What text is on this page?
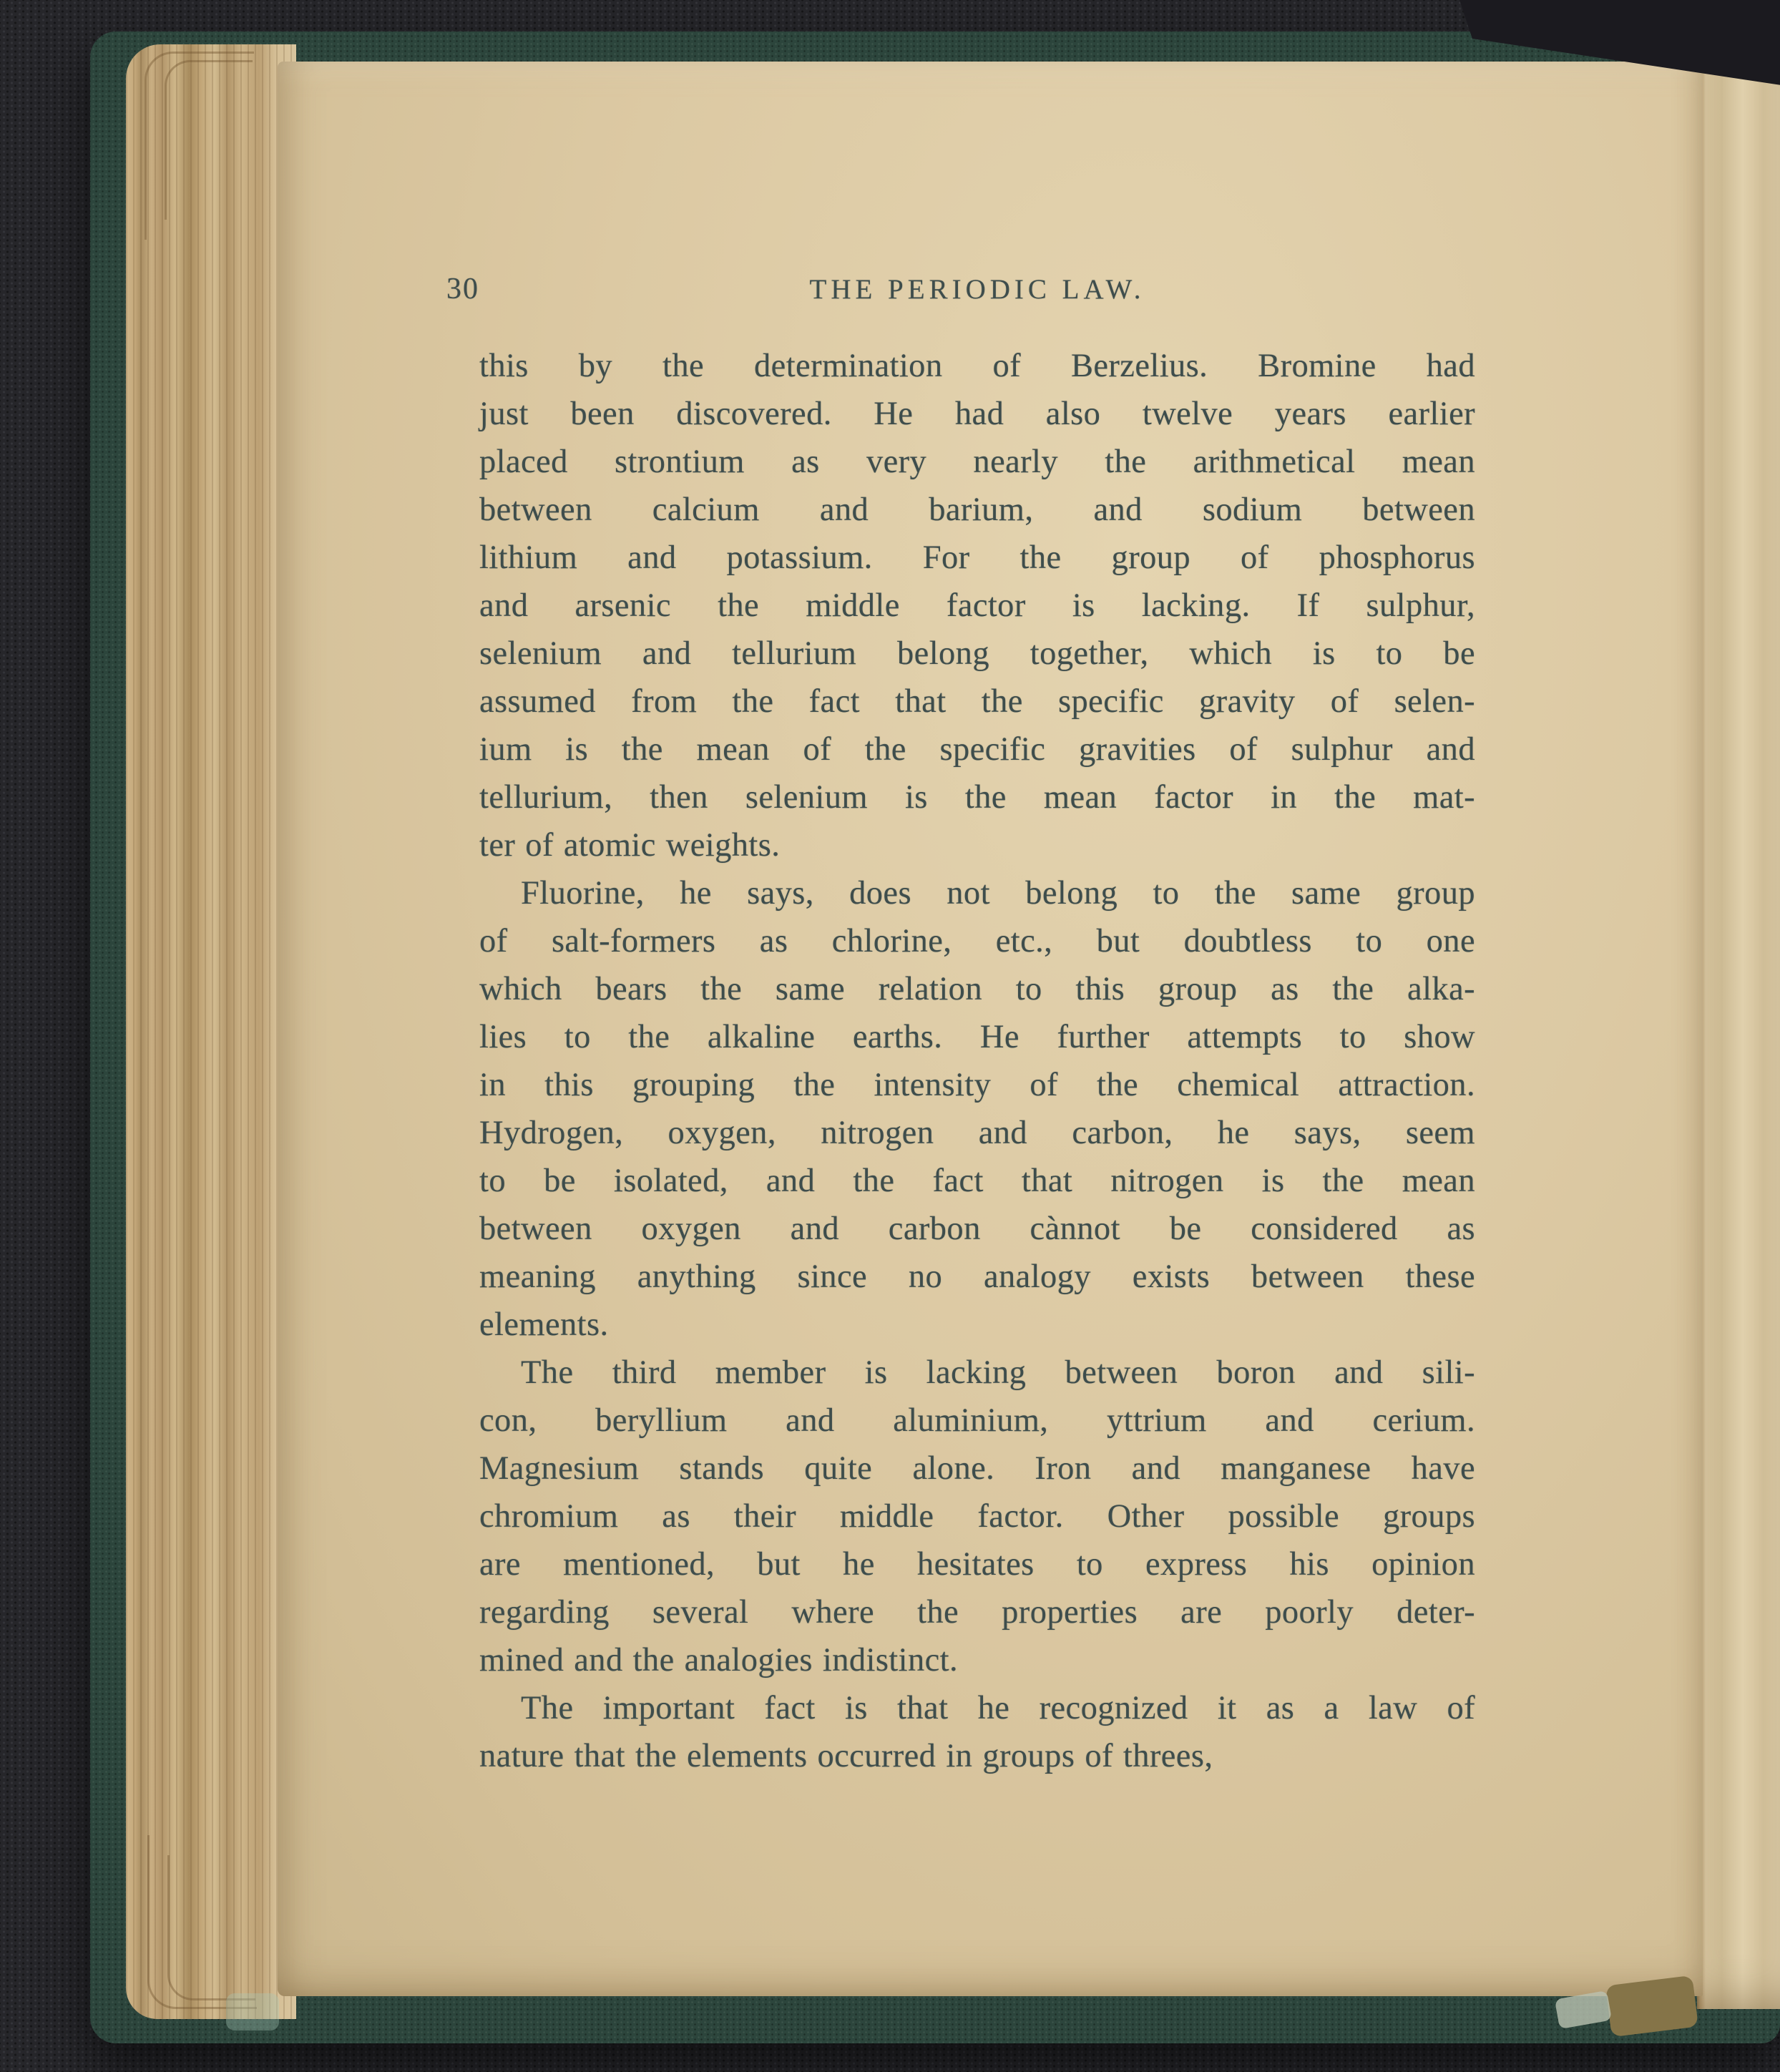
30	THE PERIODIC LAW.
this by the determination of Berzelius. Bromine had
just been discovered. He had also twelve years earlier
placed strontium as very nearly the arithmetical mean
between calcium and barium, and sodium between
lithium and potassium. For the group of phosphorus
and arsenic the middle factor is lacking. If sulphur,
selenium and tellurium belong together, which is to be
assumed from the fact that the specific gravity of selen-
ium is the mean of the specific gravities of sulphur and
tellurium, then selenium is the mean factor in the mat-
ter of atomic weights.
Fluorine, he says, does not belong to the same group
of salt-formers as chlorine, etc., but doubtless to one
which bears the same relation to this group as the alka-
lies to the alkaline earths. He further attempts to show
in this grouping the intensity of the chemical attraction.
Hydrogen, oxygen, nitrogen and carbon, he says, seem
to be isolated, and the fact that nitrogen is the mean
between oxygen and carbon cànnot be considered as
meaning anything since no analogy exists between these
elements.
The third member is lacking between boron and sili-
con, beryllium and aluminium, yttrium and cerium.
Magnesium stands quite alone. Iron and manganese have
chromium as their middle factor. Other possible groups
are mentioned, but he hesitates to express his opinion
regarding several where the properties are poorly deter-
mined and the analogies indistinct.
The important fact is that he recognized it as a law of
nature that the elements occurred in groups of threes,
